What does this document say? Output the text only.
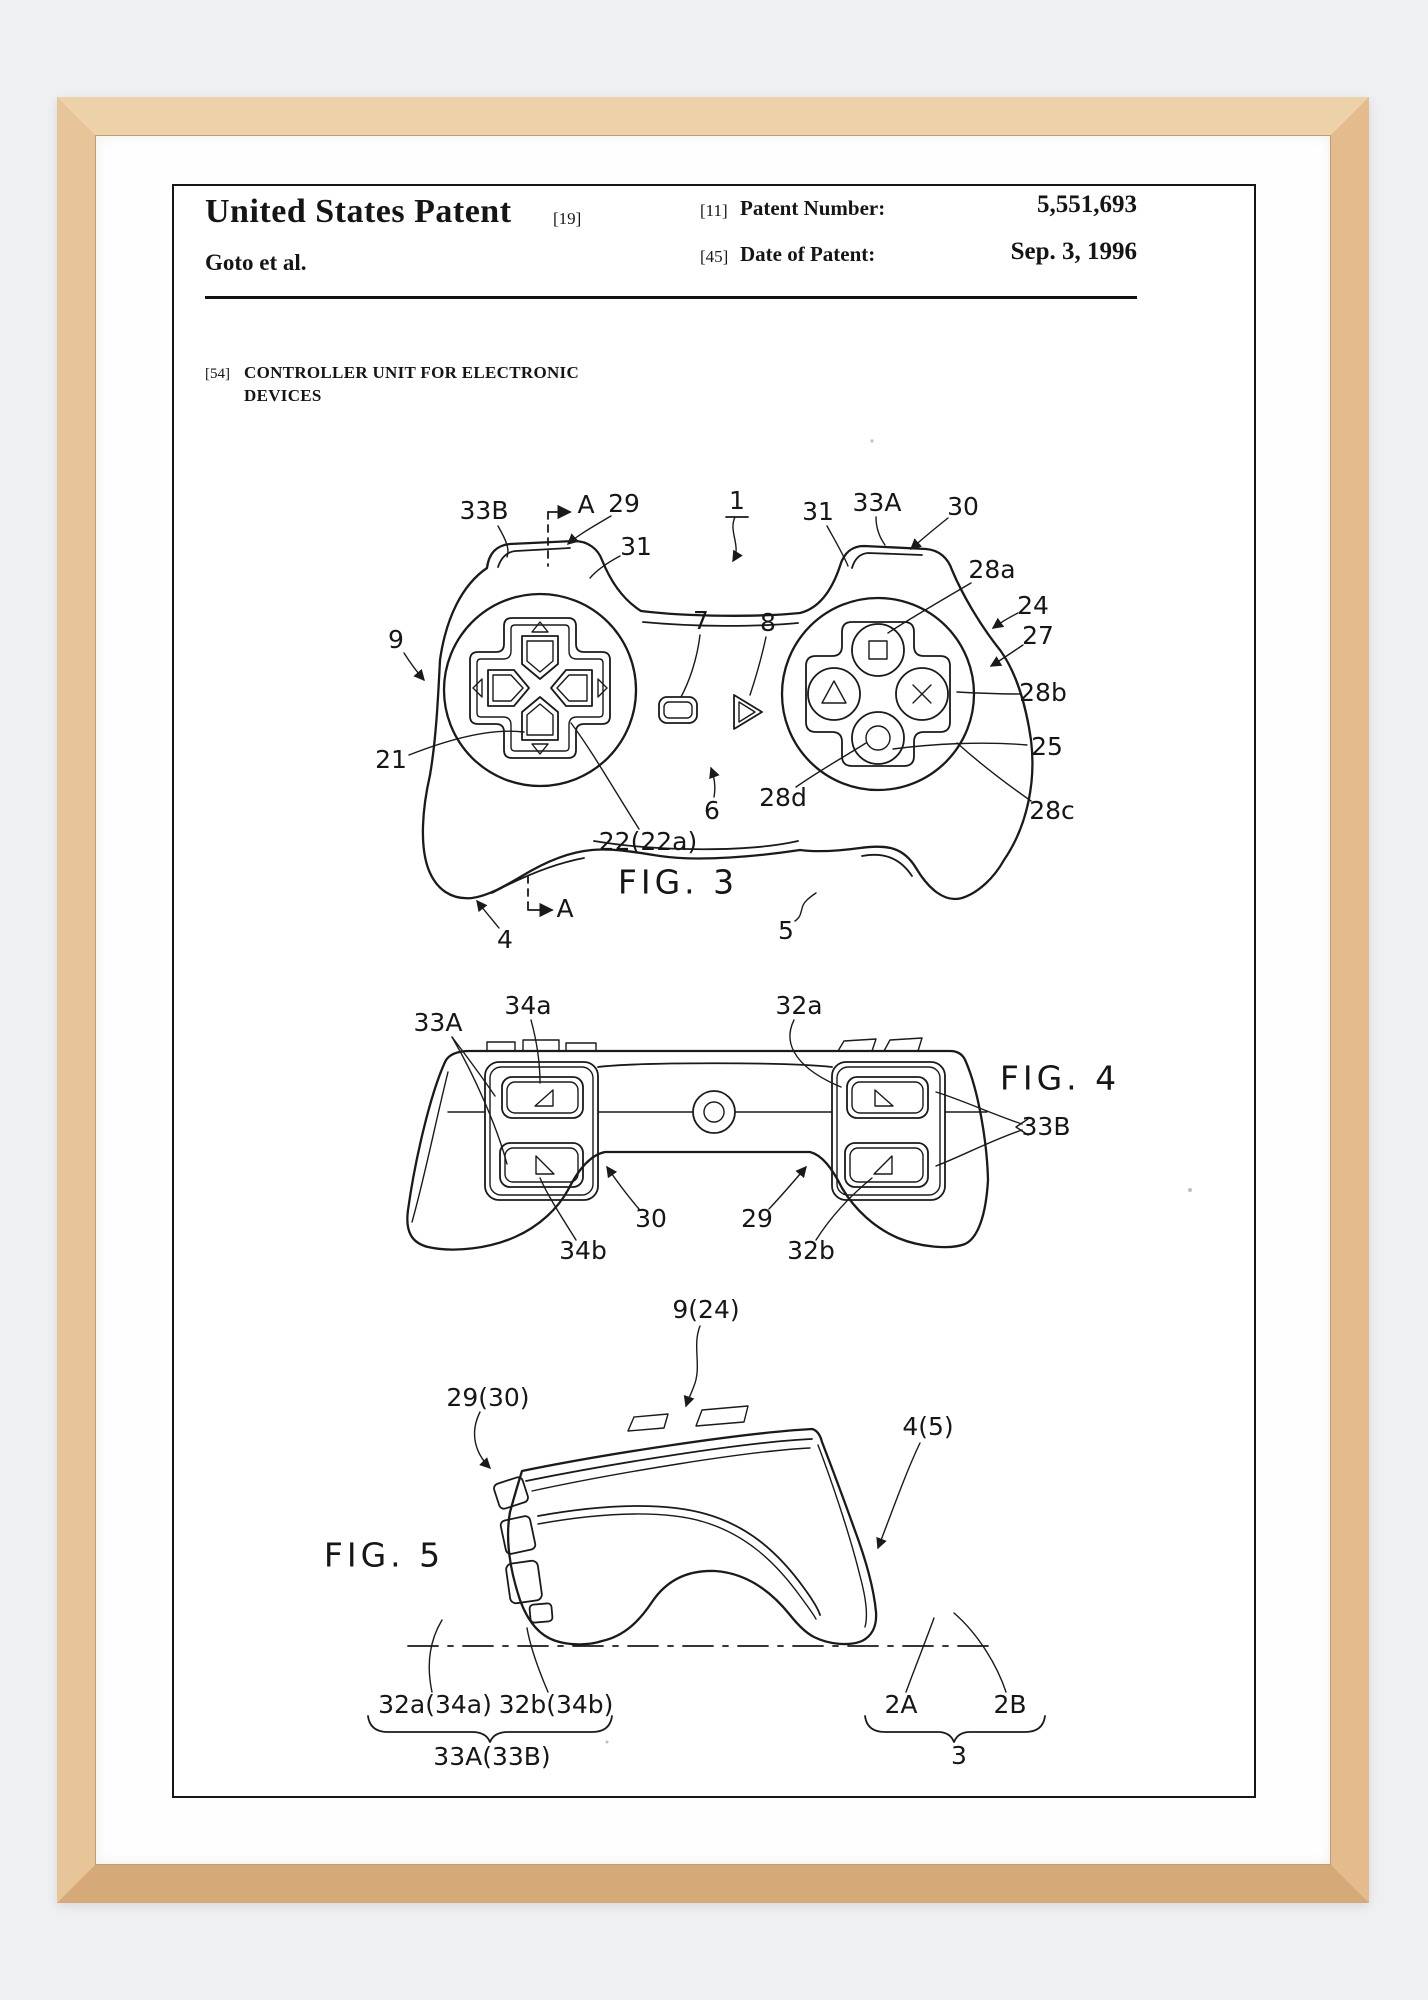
United States Patent [19]
Goto et al.
[11] Patent Number:	5,551,693
[45] Date of Patent:	Sep. 3, 1996
[54] CONTROLLER UNIT FOR ELECTRONIC
DEVICES
A
33B	29
31
1 31 33A 30
9
7 8
28a
24
27
28b
25
28c
28d
6
21
22(22a)
4	5
A
FIG. 3
33A
34a	32a
30	29
34b	32b
33B
FIG. 4
9(24)
29(30)
4(5)
FIG. 5
32a(34a) 32b(34b)
33A(33B)
2A	2B
3
